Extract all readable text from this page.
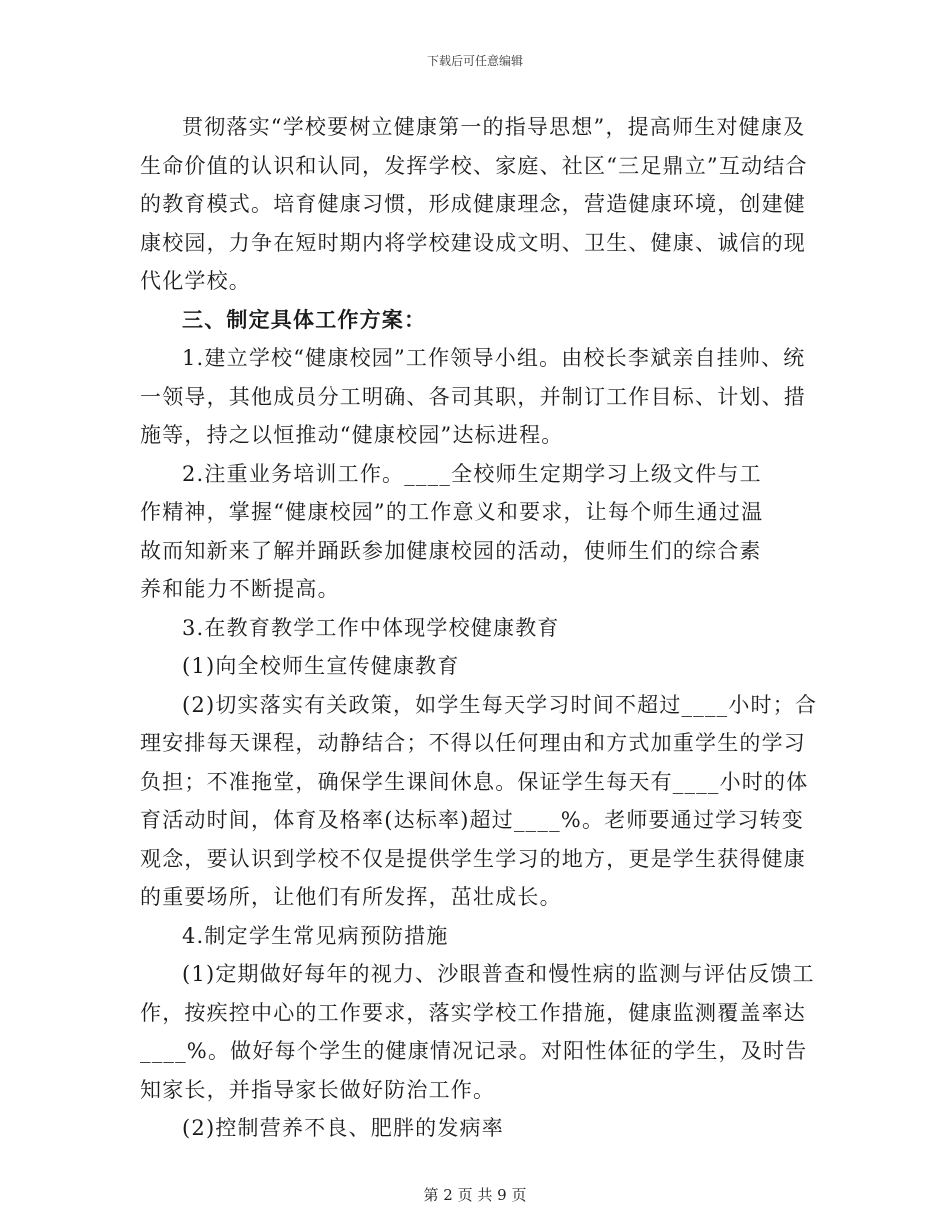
下载后可任意编辑

贯彻落实“学校要树立健康第一的指导思想”，提高师生对健康及生命价值的认识和认同，发挥学校、家庭、社区“三足鼎立”互动结合的教育模式。培育健康习惯，形成健康理念，营造健康环境，创建健康校园，力争在短时期内将学校建设成文明、卫生、健康、诚信的现代化学校。

三、制定具体工作方案：

1.建立学校“健康校园”工作领导小组。由校长李斌亲自挂帅、统一领导，其他成员分工明确、各司其职，并制订工作目标、计划、措施等，持之以恒推动“健康校园”达标进程。

2.注重业务培训工作。____全校师生定期学习上级文件与工作精神，掌握“健康校园”的工作意义和要求，让每个师生通过温故而知新来了解并踊跃参加健康校园的活动，使师生们的综合素养和能力不断提高。

3.在教育教学工作中体现学校健康教育

(1)向全校师生宣传健康教育

(2)切实落实有关政策，如学生每天学习时间不超过____小时；合理安排每天课程，动静结合；不得以任何理由和方式加重学生的学习负担；不准拖堂，确保学生课间休息。保证学生每天有____小时的体育活动时间，体育及格率(达标率)超过____%。老师要通过学习转变观念，要认识到学校不仅是提供学生学习的地方，更是学生获得健康的重要场所，让他们有所发挥，茁壮成长。

4.制定学生常见病预防措施

(1)定期做好每年的视力、沙眼普查和慢性病的监测与评估反馈工作，按疾控中心的工作要求，落实学校工作措施，健康监测覆盖率达____%。做好每个学生的健康情况记录。对阳性体征的学生，及时告知家长，并指导家长做好防治工作。

(2)控制营养不良、肥胖的发病率

第 2 页 共 9 页
